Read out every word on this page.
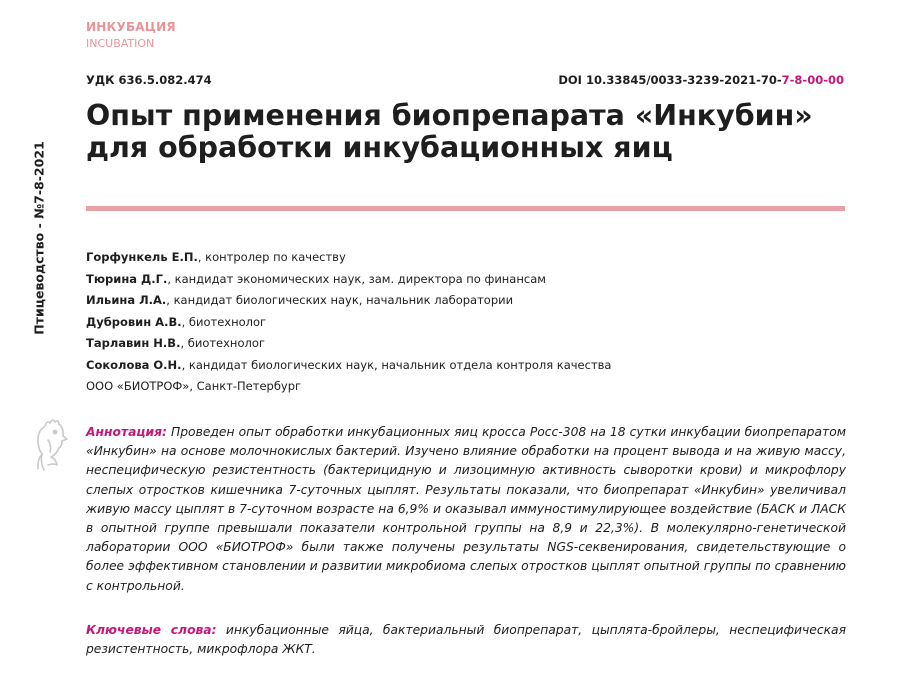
ИНКУБАЦИЯ
INCUBATION
Птицеводство - №7-8-2021
УДК 636.5.082.474	DOI 10.33845/0033-3239-2021-70-7-8-00-00
Опыт применения биопрепарата «Инкубин» для обработки инкубационных яиц
Горфункель Е.П., контролер по качеству
Тюрина Д.Г., кандидат экономических наук, зам. директора по финансам
Ильина Л.А., кандидат биологических наук, начальник лаборатории
Дубровин А.В., биотехнолог
Тарлавин Н.В., биотехнолог
Соколова О.Н., кандидат биологических наук, начальник отдела контроля качества
ООО «БИОТРОФ», Санкт-Петербург

Аннотация: Проведен опыт обработки инкубационных яиц кросса Росс-308 на 18 сутки инкубации биопрепаратом «Инкубин» на основе молочнокислых бактерий. Изучено влияние обработки на процент вывода и на живую массу, неспецифическую резистентность (бактерицидную и лизоцимную активность сыворотки крови) и микрофлору слепых отростков кишечника 7-суточных цыплят. Результаты показали, что биопрепарат «Инкубин» увеличивал живую массу цыплят в 7-суточном возрасте на 6,9% и оказывал иммуностимулирующее воздействие (БАСК и ЛАСК в опытной группе превышали показатели контрольной группы на 8,9 и 22,3%). В молекулярно-генетической лаборатории ООО «БИОТРОФ» были также получены результаты NGS-секвенирования, свидетельствующие о более эффективном становлении и развитии микробиома слепых отростков цыплят опытной группы по сравнению с контрольной.

Ключевые слова: инкубационные яйца, бактериальный биопрепарат, цыплята-бройлеры, неспецифическая резистентность, микрофлора ЖКТ.
